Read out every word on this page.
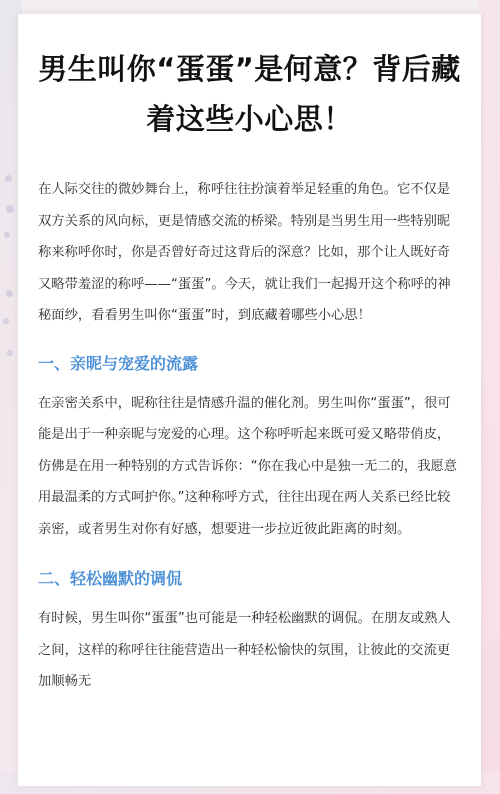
男生叫你“蛋蛋”是何意？背后藏着这些小心思！

在人际交往的微妙舞台上，称呼往往扮演着举足轻重的角色。它不仅是双方关系的风向标，更是情感交流的桥梁。特别是当男生用一些特别昵称来称呼你时，你是否曾好奇过这背后的深意？比如，那个让人既好奇又略带羞涩的称呼——“蛋蛋”。今天，就让我们一起揭开这个称呼的神秘面纱，看看男生叫你“蛋蛋”时，到底藏着哪些小心思！

一、亲昵与宠爱的流露

在亲密关系中，昵称往往是情感升温的催化剂。男生叫你“蛋蛋”，很可能是出于一种亲昵与宠爱的心理。这个称呼听起来既可爱又略带俏皮，仿佛是在用一种特别的方式告诉你：“你在我心中是独一无二的，我愿意用最温柔的方式呵护你。”这种称呼方式，往往出现在两人关系已经比较亲密，或者男生对你有好感，想要进一步拉近彼此距离的时刻。

二、轻松幽默的调侃

有时候，男生叫你“蛋蛋”也可能是一种轻松幽默的调侃。在朋友或熟人之间，这样的称呼往往能营造出一种轻松愉快的氛围，让彼此的交流更加顺畅无
